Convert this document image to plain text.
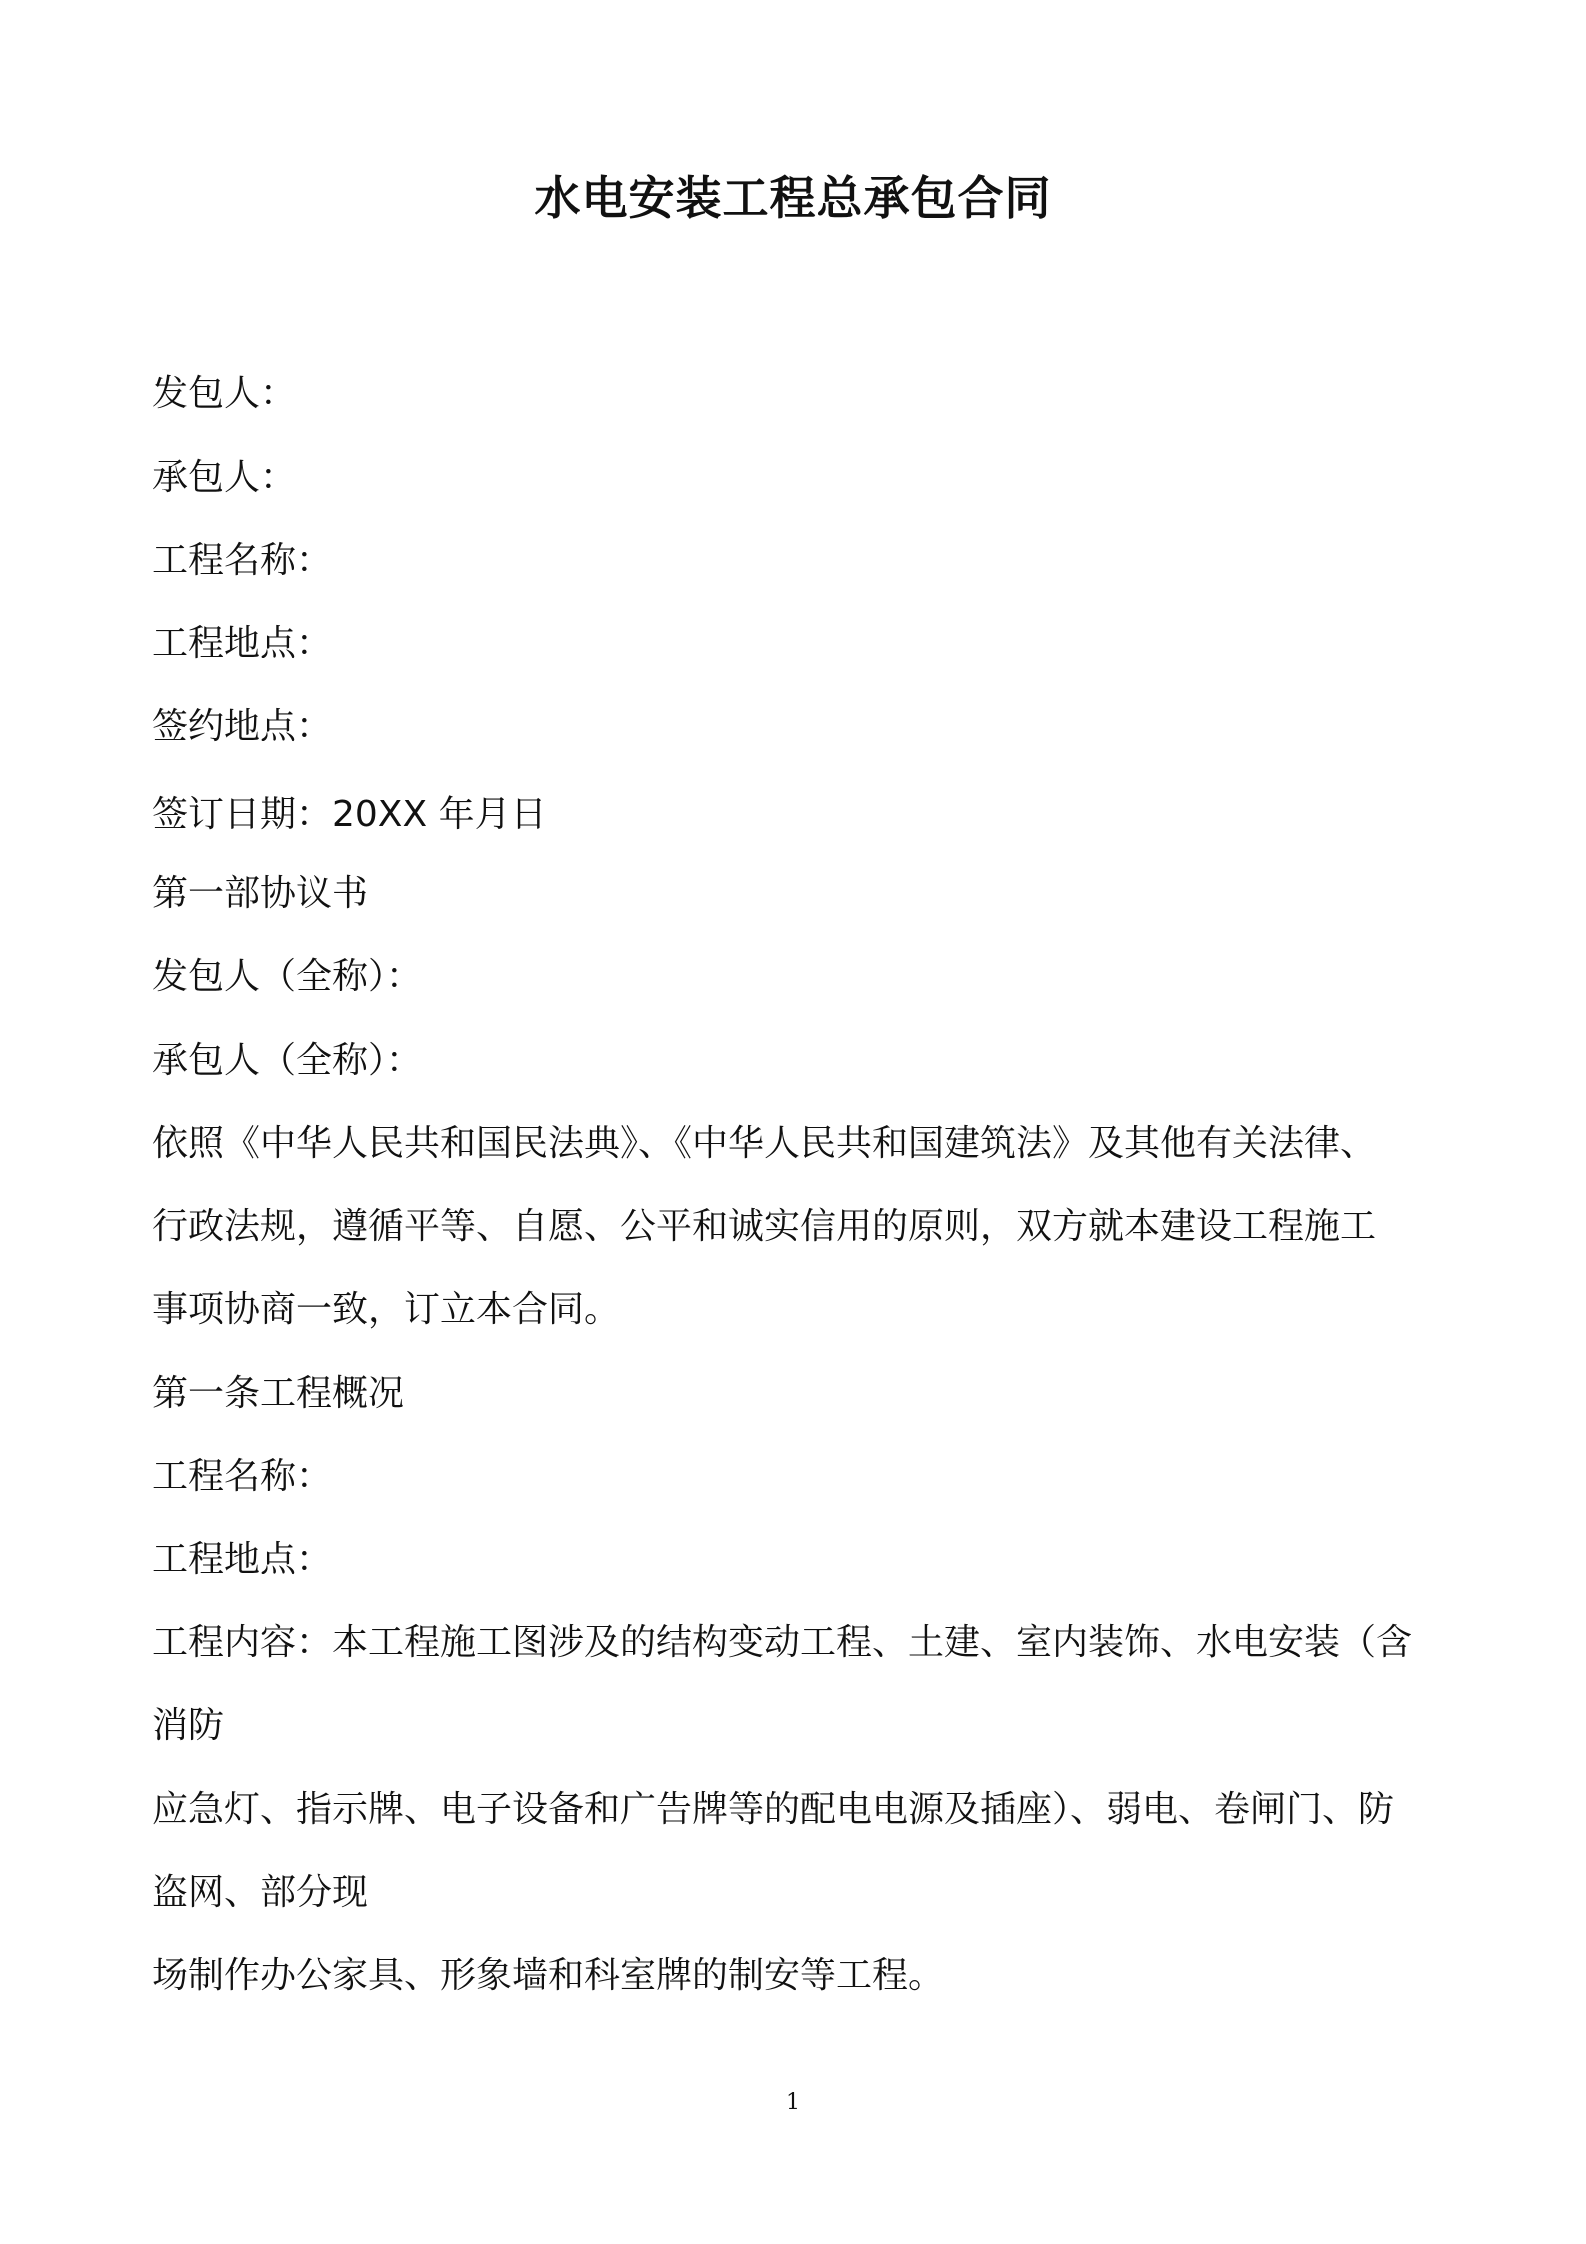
水电安装工程总承包合同
发包人：
承包人：
工程名称：
工程地点：
签约地点：
签订日期：20XX 年月日
第一部协议书
发包人（全称）：
承包人（全称）：
依照《中华人民共和国民法典》、《中华人民共和国建筑法》及其他有关法律、
行政法规，遵循平等、自愿、公平和诚实信用的原则，双方就本建设工程施工
事项协商一致，订立本合同。
第一条工程概况
工程名称：
工程地点：
工程内容：本工程施工图涉及的结构变动工程、土建、室内装饰、水电安装（含
消防
应急灯、指示牌、电子设备和广告牌等的配电电源及插座）、弱电、卷闸门、防
盗网、部分现
场制作办公家具、形象墙和科室牌的制安等工程。
1
